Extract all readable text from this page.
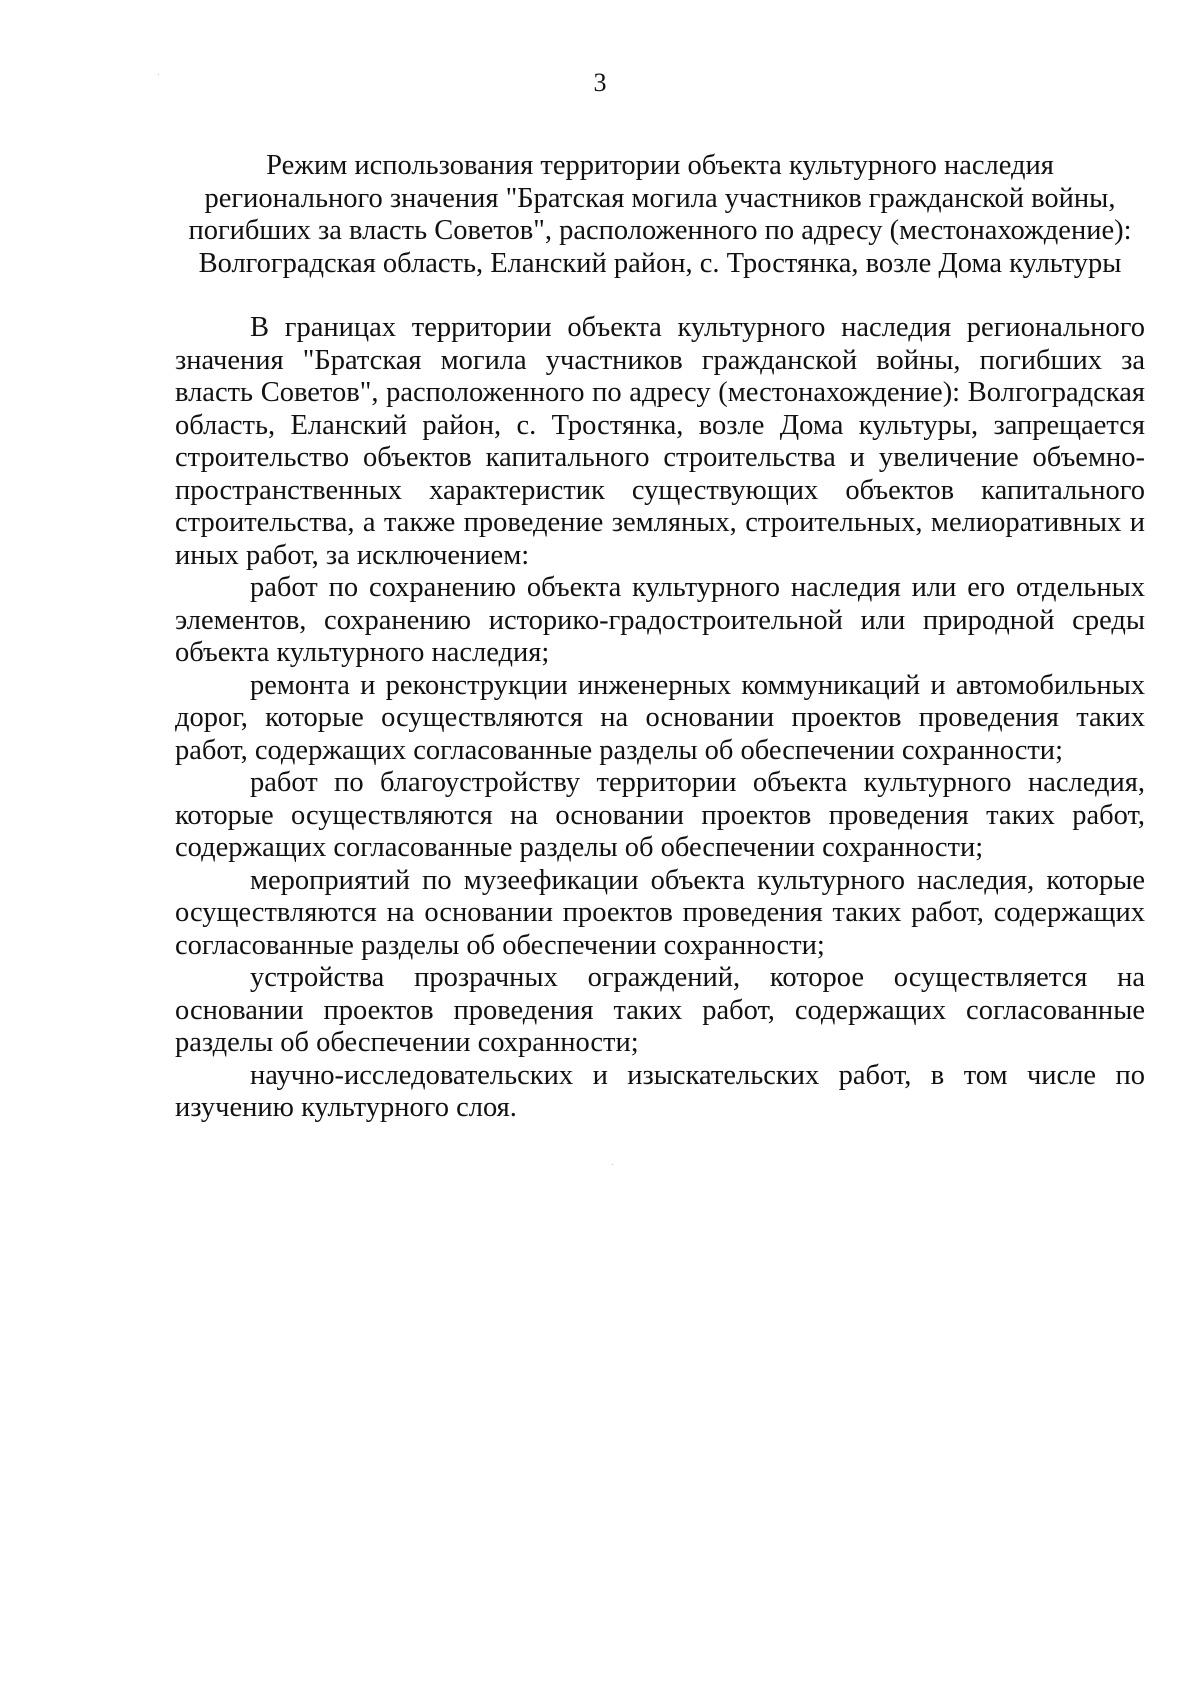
3
Режим использования территории объекта культурного наследия
регионального значения "Братская могила участников гражданской войны,
погибших за власть Советов", расположенного по адресу (местонахождение):
Волгоградская область, Еланский район, с. Тростянка, возле Дома культуры

В границах территории объекта культурного наследия регионального значения "Братская могила участников гражданской войны, погибших за власть Советов", расположенного по адресу (местонахождение): Волгоградская область, Еланский район, с. Тростянка, возле Дома культуры, запрещается строительство объектов капитального строительства и увеличение объемно-пространственных характеристик существующих объектов капитального строительства, а также проведение земляных, строительных, мелиоративных и иных работ, за исключением:

работ по сохранению объекта культурного наследия или его отдельных элементов, сохранению историко-градостроительной или природной среды объекта культурного наследия;

ремонта и реконструкции инженерных коммуникаций и автомобильных дорог, которые осуществляются на основании проектов проведения таких работ, содержащих согласованные разделы об обеспечении сохранности;

работ по благоустройству территории объекта культурного наследия, которые осуществляются на основании проектов проведения таких работ, содержащих согласованные разделы об обеспечении сохранности;

мероприятий по музеефикации объекта культурного наследия, которые осуществляются на основании проектов проведения таких работ, содержащих согласованные разделы об обеспечении сохранности;

устройства прозрачных ограждений, которое осуществляется на основании проектов проведения таких работ, содержащих согласованные разделы об обеспечении сохранности;

научно-исследовательских и изыскательских работ, в том числе по изучению культурного слоя.
